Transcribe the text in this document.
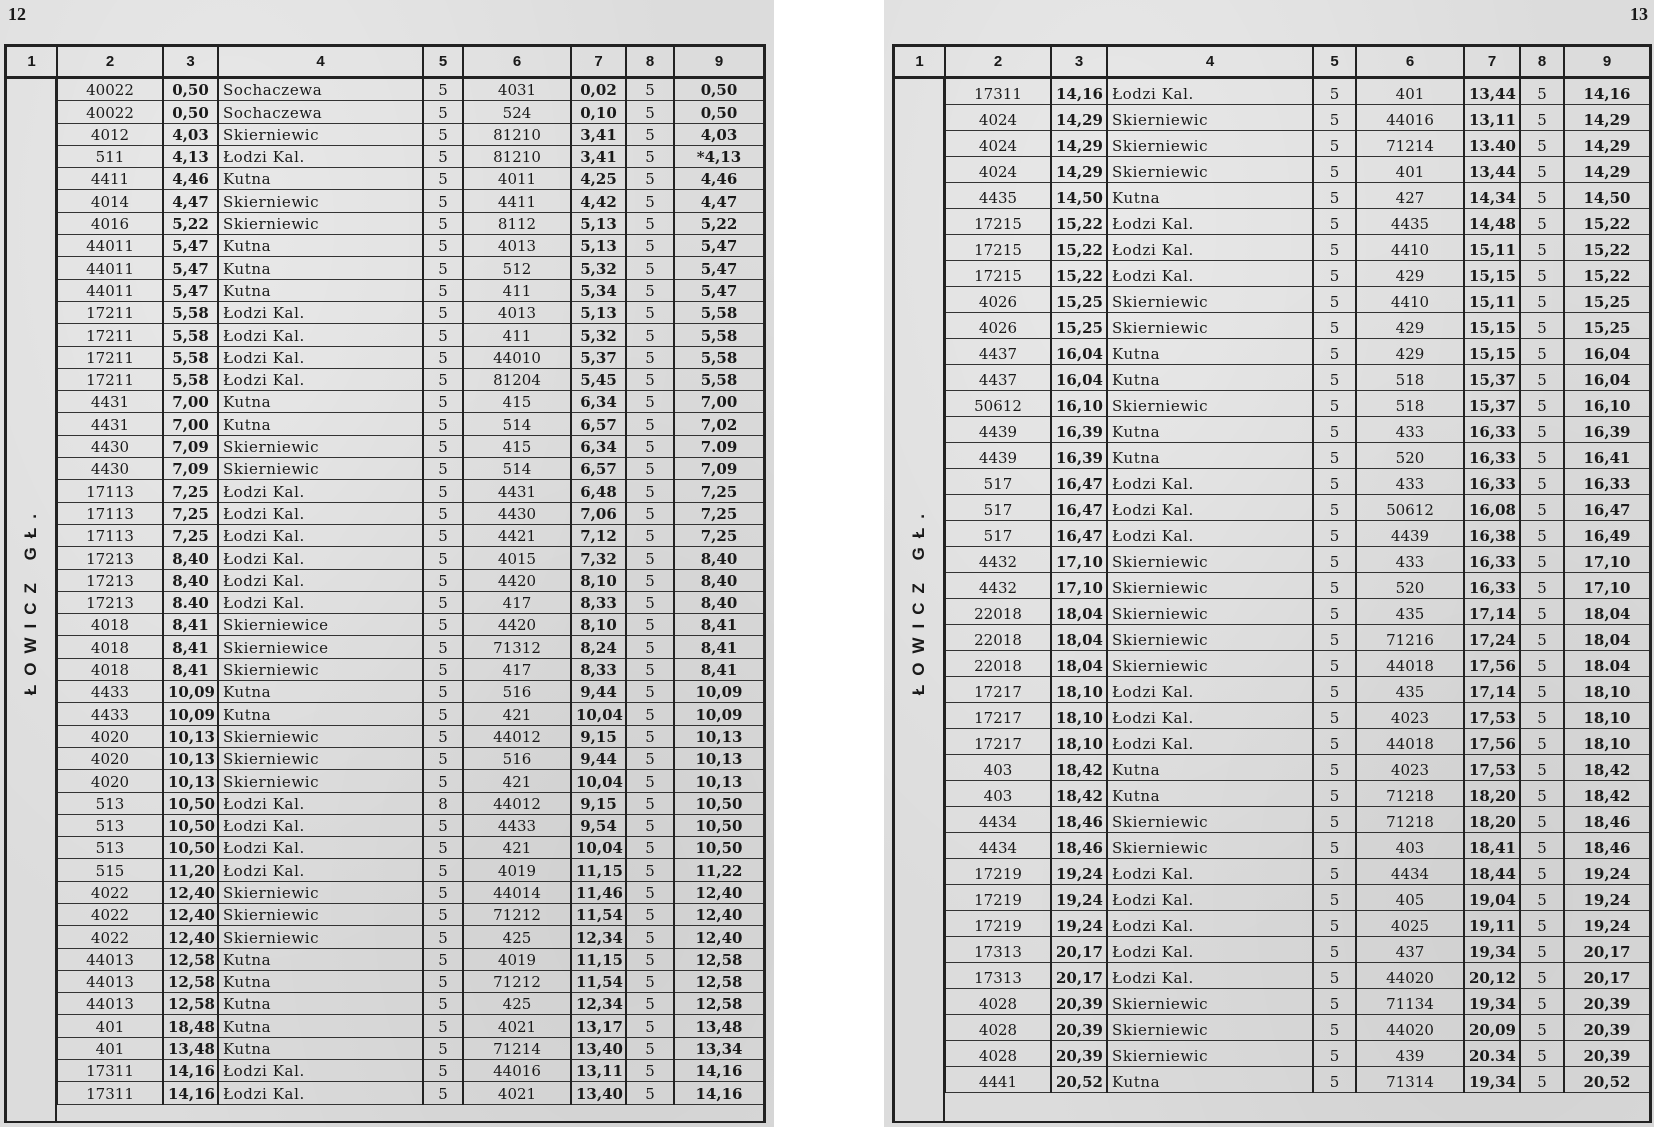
12
1	2	3	4	5	6	7	8	9
	40022	0,50	Sochaczewa	5	4031	0,02	5	0,50
	40022	0,50	Sochaczewa	5	524	0,10	5	0,50
	4012	4,03	Skierniewic	5	81210	3,41	5	4,03
	511	4,13	Łodzi Kal.	5	81210	3,41	5	*4,13
	4411	4,46	Kutna	5	4011	4,25	5	4,46
	4014	4,47	Skierniewic	5	4411	4,42	5	4,47
	4016	5,22	Skierniewic	5	8112	5,13	5	5,22
	44011	5,47	Kutna	5	4013	5,13	5	5,47
	44011	5,47	Kutna	5	512	5,32	5	5,47
	44011	5,47	Kutna	5	411	5,34	5	5,47
	17211	5,58	Łodzi Kal.	5	4013	5,13	5	5,58
	17211	5,58	Łodzi Kal.	5	411	5,32	5	5,58
	17211	5,58	Łodzi Kal.	5	44010	5,37	5	5,58
	17211	5,58	Łodzi Kal.	5	81204	5,45	5	5,58
	4431	7,00	Kutna	5	415	6,34	5	7,00
	4431	7,00	Kutna	5	514	6,57	5	7,02
	4430	7,09	Skierniewic	5	415	6,34	5	7.09
	4430	7,09	Skierniewic	5	514	6,57	5	7,09
	17113	7,25	Łodzi Kal.	5	4431	6,48	5	7,25
	17113	7,25	Łodzi Kal.	5	4430	7,06	5	7,25
	17113	7,25	Łodzi Kal.	5	4421	7,12	5	7,25
	17213	8,40	Łodzi Kal.	5	4015	7,32	5	8,40
	17213	8,40	Łodzi Kal.	5	4420	8,10	5	8,40
	17213	8.40	Łodzi Kal.	5	417	8,33	5	8,40
	4018	8,41	Skierniewice	5	4420	8,10	5	8,41
	4018	8,41	Skierniewice	5	71312	8,24	5	8,41
	4018	8,41	Skierniewic	5	417	8,33	5	8,41
	4433	10,09	Kutna	5	516	9,44	5	10,09
	4433	10,09	Kutna	5	421	10,04	5	10,09
	4020	10,13	Skierniewic	5	44012	9,15	5	10,13
	4020	10,13	Skierniewic	5	516	9,44	5	10,13
	4020	10,13	Skierniewic	5	421	10,04	5	10,13
	513	10,50	Łodzi Kal.	8	44012	9,15	5	10,50
	513	10,50	Łodzi Kal.	5	4433	9,54	5	10,50
	513	10,50	Łodzi Kal.	5	421	10,04	5	10,50
	515	11,20	Łodzi Kal.	5	4019	11,15	5	11,22
	4022	12,40	Skierniewic	5	44014	11,46	5	12,40
	4022	12,40	Skierniewic	5	71212	11,54	5	12,40
	4022	12,40	Skierniewic	5	425	12,34	5	12,40
	44013	12,58	Kutna	5	4019	11,15	5	12,58
	44013	12,58	Kutna	5	71212	11,54	5	12,58
	44013	12,58	Kutna	5	425	12,34	5	12,58
	401	18,48	Kutna	5	4021	13,17	5	13,48
	401	13,48	Kutna	5	71214	13,40	5	13,34
	17311	14,16	Łodzi Kal.	5	44016	13,11	5	14,16
	17311	14,16	Łodzi Kal.	5	4021	13,40	5	14,16
ŁOWICZ GŁ.
13
1	2	3	4	5	6	7	8	9
	17311	14,16	Łodzi Kal.	5	401	13,44	5	14,16
	4024	14,29	Skierniewic	5	44016	13,11	5	14,29
	4024	14,29	Skierniewic	5	71214	13.40	5	14,29
	4024	14,29	Skierniewic	5	401	13,44	5	14,29
	4435	14,50	Kutna	5	427	14,34	5	14,50
	17215	15,22	Łodzi Kal.	5	4435	14,48	5	15,22
	17215	15,22	Łodzi Kal.	5	4410	15,11	5	15,22
	17215	15,22	Łodzi Kal.	5	429	15,15	5	15,22
	4026	15,25	Skierniewic	5	4410	15,11	5	15,25
	4026	15,25	Skierniewic	5	429	15,15	5	15,25
	4437	16,04	Kutna	5	429	15,15	5	16,04
	4437	16,04	Kutna	5	518	15,37	5	16,04
	50612	16,10	Skierniewic	5	518	15,37	5	16,10
	4439	16,39	Kutna	5	433	16,33	5	16,39
	4439	16,39	Kutna	5	520	16,33	5	16,41
	517	16,47	Łodzi Kal.	5	433	16,33	5	16,33
	517	16,47	Łodzi Kal.	5	50612	16,08	5	16,47
	517	16,47	Łodzi Kal.	5	4439	16,38	5	16,49
	4432	17,10	Skierniewic	5	433	16,33	5	17,10
	4432	17,10	Skierniewic	5	520	16,33	5	17,10
	22018	18,04	Skierniewic	5	435	17,14	5	18,04
	22018	18,04	Skierniewic	5	71216	17,24	5	18,04
	22018	18,04	Skierniewic	5	44018	17,56	5	18.04
	17217	18,10	Łodzi Kal.	5	435	17,14	5	18,10
	17217	18,10	Łodzi Kal.	5	4023	17,53	5	18,10
	17217	18,10	Łodzi Kal.	5	44018	17,56	5	18,10
	403	18,42	Kutna	5	4023	17,53	5	18,42
	403	18,42	Kutna	5	71218	18,20	5	18,42
	4434	18,46	Skierniewic	5	71218	18,20	5	18,46
	4434	18,46	Skierniewic	5	403	18,41	5	18,46
	17219	19,24	Łodzi Kal.	5	4434	18,44	5	19,24
	17219	19,24	Łodzi Kal.	5	405	19,04	5	19,24
	17219	19,24	Łodzi Kal.	5	4025	19,11	5	19,24
	17313	20,17	Łodzi Kal.	5	437	19,34	5	20,17
	17313	20,17	Łodzi Kal.	5	44020	20,12	5	20,17
	4028	20,39	Skierniewic	5	71134	19,34	5	20,39
	4028	20,39	Skierniewic	5	44020	20,09	5	20,39
	4028	20,39	Skierniewic	5	439	20.34	5	20,39
	4441	20,52	Kutna	5	71314	19,34	5	20,52
ŁOWICZ GŁ.
